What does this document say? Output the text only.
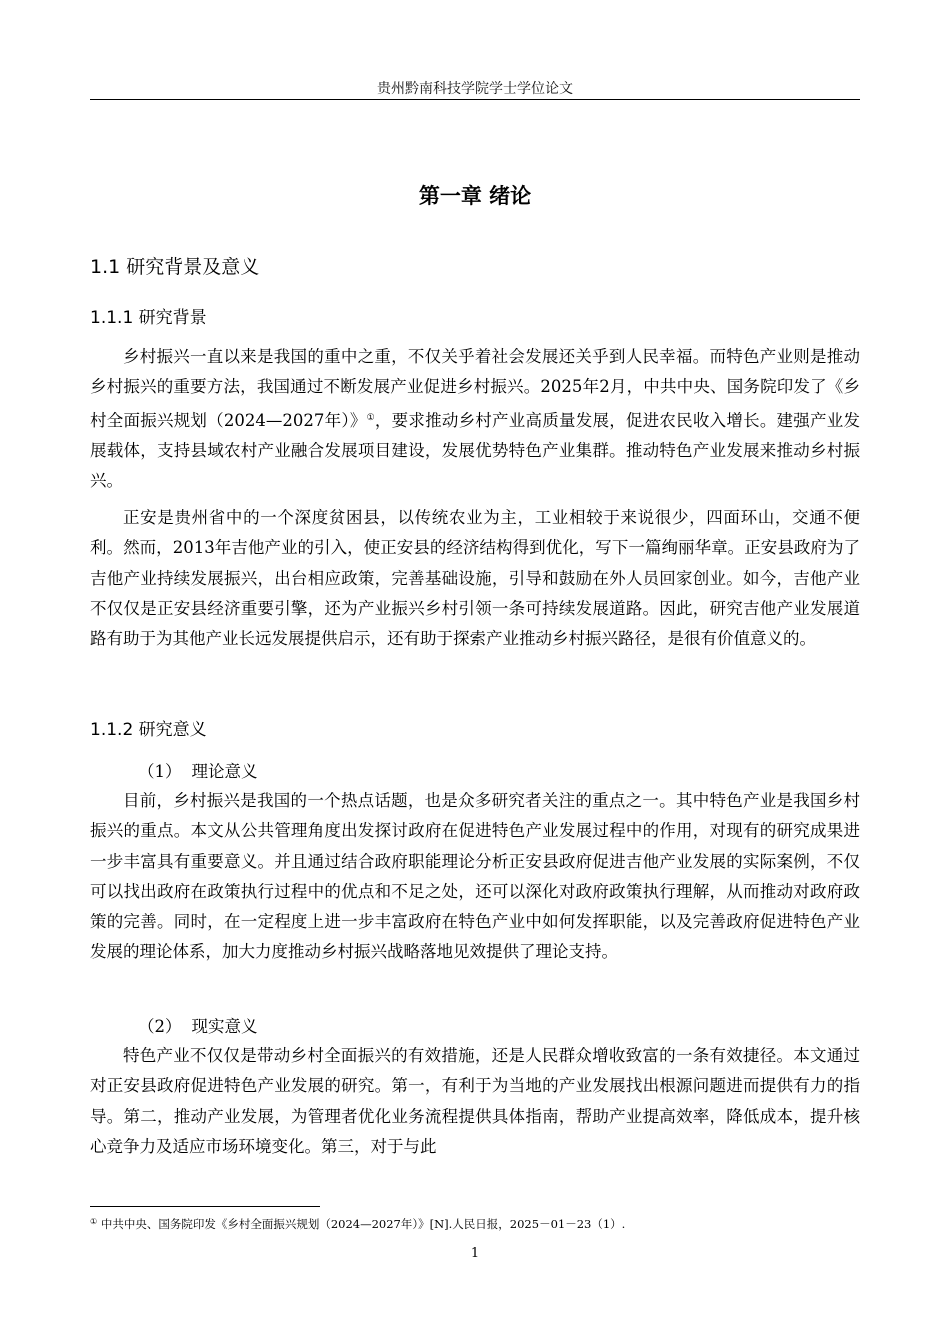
贵州黔南科技学院学士学位论文
第一章 绪论
1.1 研究背景及意义
1.1.1 研究背景

乡村振兴一直以来是我国的重中之重，不仅关乎着社会发展还关乎到人民幸福。而特色产业则是推动乡村振兴的重要方法，我国通过不断发展产业促进乡村振兴。2025年2月，中共中央、国务院印发了《乡村全面振兴规划（2024—2027年）》①，要求推动乡村产业高质量发展，促进农民收入增长。建强产业发展载体，支持县域农村产业融合发展项目建设，发展优势特色产业集群。推动特色产业发展来推动乡村振兴。

正安是贵州省中的一个深度贫困县，以传统农业为主，工业相较于来说很少，四面环山，交通不便利。然而，2013年吉他产业的引入，使正安县的经济结构得到优化，写下一篇绚丽华章。正安县政府为了吉他产业持续发展振兴，出台相应政策，完善基础设施，引导和鼓励在外人员回家创业。如今，吉他产业不仅仅是正安县经济重要引擎，还为产业振兴乡村引领一条可持续发展道路。因此，研究吉他产业发展道路有助于为其他产业长远发展提供启示，还有助于探索产业推动乡村振兴路径，是很有价值意义的。

1.1.2 研究意义
（1） 理论意义

目前，乡村振兴是我国的一个热点话题，也是众多研究者关注的重点之一。其中特色产业是我国乡村振兴的重点。本文从公共管理角度出发探讨政府在促进特色产业发展过程中的作用，对现有的研究成果进一步丰富具有重要意义。并且通过结合政府职能理论分析正安县政府促进吉他产业发展的实际案例，不仅可以找出政府在政策执行过程中的优点和不足之处，还可以深化对政府政策执行理解，从而推动对政府政策的完善。同时，在一定程度上进一步丰富政府在特色产业中如何发挥职能，以及完善政府促进特色产业发展的理论体系，加大力度推动乡村振兴战略落地见效提供了理论支持。

（2） 现实意义

特色产业不仅仅是带动乡村全面振兴的有效措施，还是人民群众增收致富的一条有效捷径。本文通过对正安县政府促进特色产业发展的研究。第一，有利于为当地的产业发展找出根源问题进而提供有力的指导。第二，推动产业发展，为管理者优化业务流程提供具体指南，帮助产业提高效率，降低成本，提升核心竞争力及适应市场环境变化。第三，对于与此

① 中共中央、国务院印发《乡村全面振兴规划（2024—2027年）》[N].人民日报，2025－01－23（1）.
1
